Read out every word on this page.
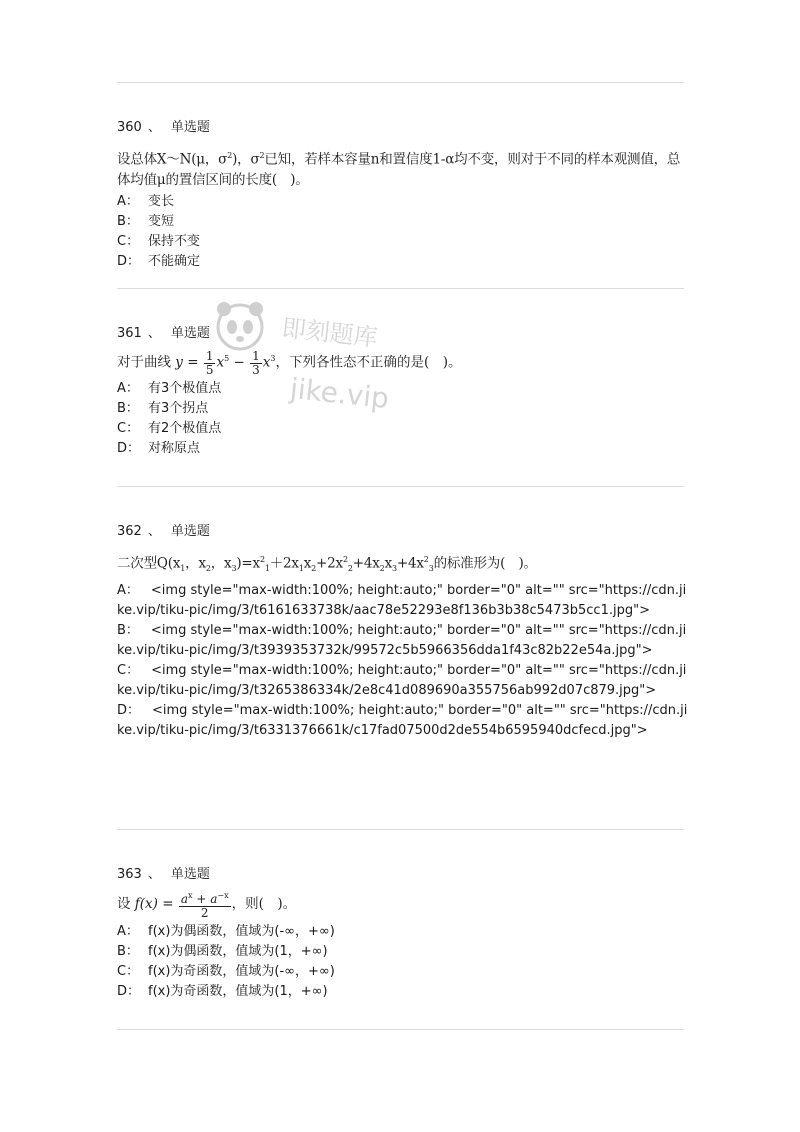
即刻题库
jike.vip
360 、 单选题
设总体X～N(μ，$\sigma^2$)，$\sigma^2$已知，若样本容量n和置信度1-α均不变，则对于不同的样本观测值，总体均值μ的置信区间的长度(　)。
A： 变长
B： 变短
C： 保持不变
D： 不能确定
361 、 单选题
对于曲线 $y = \frac{1}{5} x^5 - \frac{1}{3} x^3$，下列各性态不正确的是(　)。
A： 有3个极值点
B： 有3个拐点
C： 有2个极值点
D： 对称原点
362 、 单选题
二次型$Q(x_1$，$x_2$，$x_3)=x^2_1+2x_1x_2+2x^2_2+4x_2x_3+4x^2_3$的标准形为(　)。
A： <img style="max-width:100%; height:auto;" border="0" alt="" src="https://cdn.jike.vip/tiku-pic/img/3/t6161633738k/aac78e52293e8f136b3b38c5473b5cc1.jpg">
B： <img style="max-width:100%; height:auto;" border="0" alt="" src="https://cdn.jike.vip/tiku-pic/img/3/t3939353732k/99572c5b5966356dda1f43c82b22e54a.jpg">
C： <img style="max-width:100%; height:auto;" border="0" alt="" src="https://cdn.jike.vip/tiku-pic/img/3/t3265386334k/2e8c41d089690a355756ab992d07c879.jpg">
D： <img style="max-width:100%; height:auto;" border="0" alt="" src="https://cdn.jike.vip/tiku-pic/img/3/t6331376661k/c17fad07500d2de554b6595940dcfecd.jpg">
363 、 单选题
设 $f(x) = \frac{a^x + a^{-x}}{2}$ ，则(　)。
A： f(x)为偶函数，值域为(-∞，+∞)
B： f(x)为偶函数，值域为(1，+∞)
C： f(x)为奇函数，值域为(-∞，+∞)
D： f(x)为奇函数，值域为(1，+∞)
